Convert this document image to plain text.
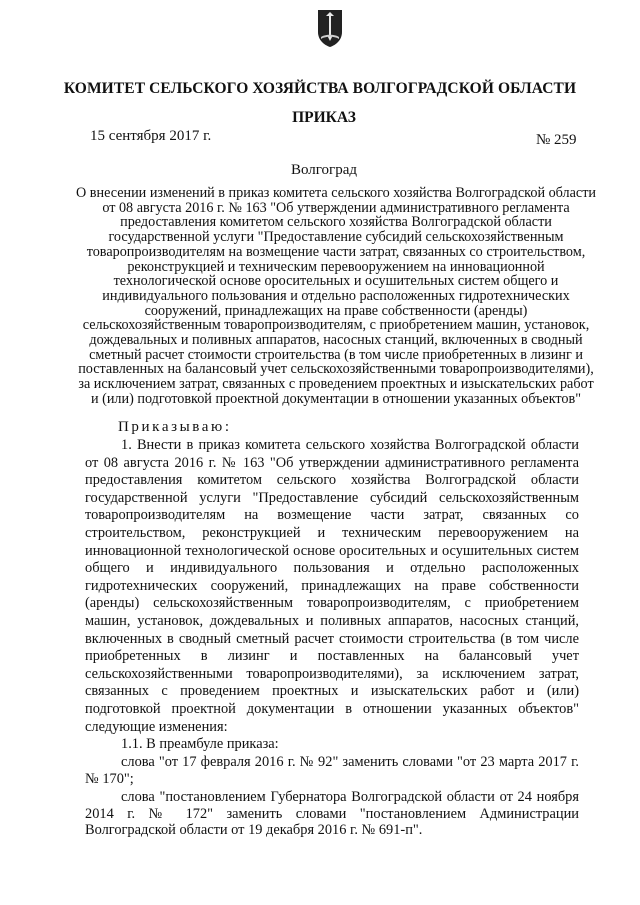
КОМИТЕТ СЕЛЬСКОГО ХОЗЯЙСТВА ВОЛГОГРАДСКОЙ ОБЛАСТИ
ПРИКАЗ
15 сентября 2017 г.	№ 259
Волгоград
О внесении изменений в приказ комитета сельского хозяйства Волгоградской области от 08 августа 2016 г. № 163 "Об утверждении административного регламента предоставления комитетом сельского хозяйства Волгоградской области государственной услуги "Предоставление субсидий сельскохозяйственным товаропроизводителям на возмещение части затрат, связанных со строительством, реконструкцией и техническим перевооружением на инновационной технологической основе оросительных и осушительных систем общего и индивидуального пользования и отдельно расположенных гидротехнических сооружений, принадлежащих на праве собственности (аренды) сельскохозяйственным товаропроизводителям, с приобретением машин, установок, дождевальных и поливных аппаратов, насосных станций, включенных в сводный сметный расчет стоимости строительства (в том числе приобретенных в лизинг и поставленных на балансовый учет сельскохозяйственными товаропроизводителями), за исключением затрат, связанных с проведением проектных и изыскательских работ и (или) подготовкой проектной документации в отношении указанных объектов"
Приказываю:

1. Внести в приказ комитета сельского хозяйства Волгоградской области от 08 августа 2016 г. № 163 "Об утверждении административного регламента предоставления комитетом сельского хозяйства Волгоградской области государственной услуги "Предоставление субсидий сельскохозяйственным товаропроизводителям на возмещение части затрат, связанных со строительством, реконструкцией и техническим перевооружением на инновационной технологической основе оросительных и осушительных систем общего и индивидуального пользования и отдельно расположенных гидротехнических сооружений, принадлежащих на праве собственности (аренды) сельскохозяйственным товаропроизводителям, с приобретением машин, установок, дождевальных и поливных аппаратов, насосных станций, включенных в сводный сметный расчет стоимости строительства (в том числе приобретенных в лизинг и поставленных на балансовый учет сельскохозяйственными товаропроизводителями), за исключением затрат, связанных с проведением проектных и изыскательских работ и (или) подготовкой проектной документации в отношении указанных объектов" следующие изменения:

1.1. В преамбуле приказа:

слова "от 17 февраля 2016 г. № 92" заменить словами "от 23 марта 2017 г. № 170";

слова "постановлением Губернатора Волгоградской области от 24 ноября 2014 г. № 172" заменить словами "постановлением Администрации Волгоградской области от 19 декабря 2016 г. № 691-п".
